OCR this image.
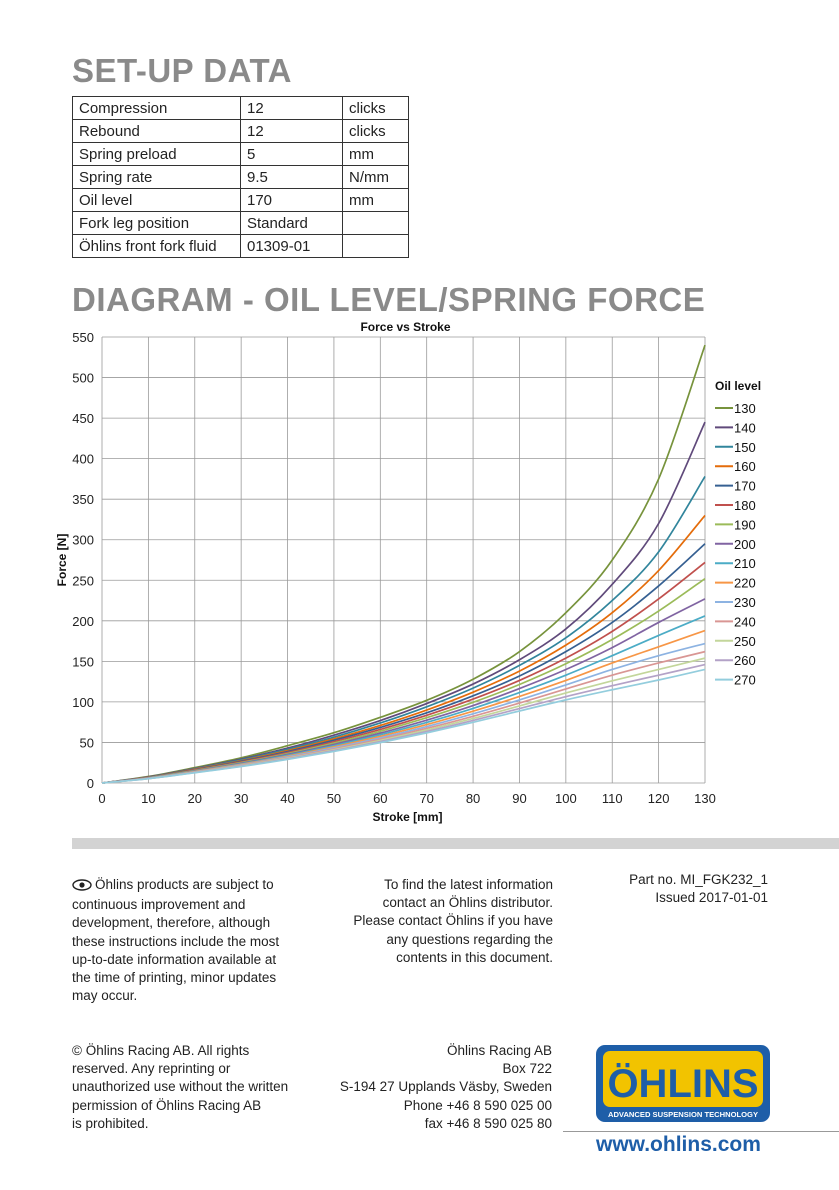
SET-UP DATA
Compression	12	clicks
Rebound	12	clicks
Spring preload	5	mm
Spring rate	9.5	N/mm
Oil level	170	mm
Fork leg position	Standard	
Öhlins front fork fluid	01309-01	
DIAGRAM - OIL LEVEL/SPRING FORCE
0	10 20 30 40 50 60 70 80 90 100 110 120 130
0
50
100
150
200
250
300
350
400
450
500
550
Force vs Stroke
Stroke [mm]
Force [N]
Oil level
130
140
150
160
170
180
190
200
210
220
230
240
250
260
270
Öhlins products are subject to
continuous improvement and
development, therefore, although
these instructions include the most
up-to-date information available at
the time of printing, minor updates
may occur.
To find the latest information
contact an Öhlins distributor.
Please contact Öhlins if you have
any questions regarding the
contents in this document.
Part no. MI_FGK232_1
Issued 2017-01-01
© Öhlins Racing AB. All rights
reserved. Any reprinting or
unauthorized use without the written
permission of Öhlins Racing AB
is prohibited.
Öhlins Racing AB
Box 722
S-194 27 Upplands Väsby, Sweden
Phone +46 8 590 025 00
fax +46 8 590 025 80
ÖHLINS
ADVANCED SUSPENSION TECHNOLOGY
www.ohlins.com
